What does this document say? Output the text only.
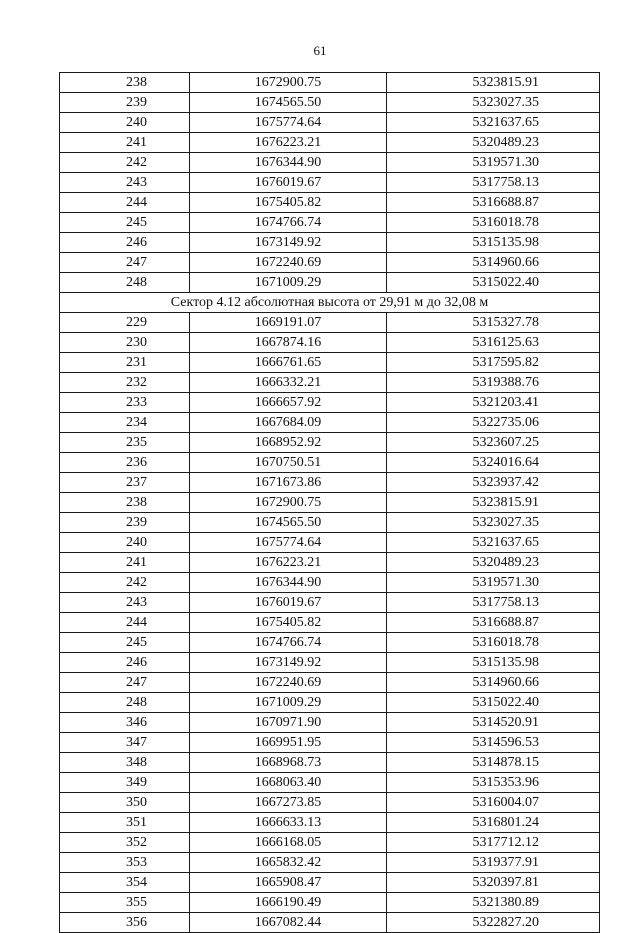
61
238	1672900.75	5323815.91
239	1674565.50	5323027.35
240	1675774.64	5321637.65
241	1676223.21	5320489.23
242	1676344.90	5319571.30
243	1676019.67	5317758.13
244	1675405.82	5316688.87
245	1674766.74	5316018.78
246	1673149.92	5315135.98
247	1672240.69	5314960.66
248	1671009.29	5315022.40
Сектор 4.12 абсолютная высота от 29,91 м до 32,08 м		
229	1669191.07	5315327.78
230	1667874.16	5316125.63
231	1666761.65	5317595.82
232	1666332.21	5319388.76
233	1666657.92	5321203.41
234	1667684.09	5322735.06
235	1668952.92	5323607.25
236	1670750.51	5324016.64
237	1671673.86	5323937.42
238	1672900.75	5323815.91
239	1674565.50	5323027.35
240	1675774.64	5321637.65
241	1676223.21	5320489.23
242	1676344.90	5319571.30
243	1676019.67	5317758.13
244	1675405.82	5316688.87
245	1674766.74	5316018.78
246	1673149.92	5315135.98
247	1672240.69	5314960.66
248	1671009.29	5315022.40
346	1670971.90	5314520.91
347	1669951.95	5314596.53
348	1668968.73	5314878.15
349	1668063.40	5315353.96
350	1667273.85	5316004.07
351	1666633.13	5316801.24
352	1666168.05	5317712.12
353	1665832.42	5319377.91
354	1665908.47	5320397.81
355	1666190.49	5321380.89
356	1667082.44	5322827.20
